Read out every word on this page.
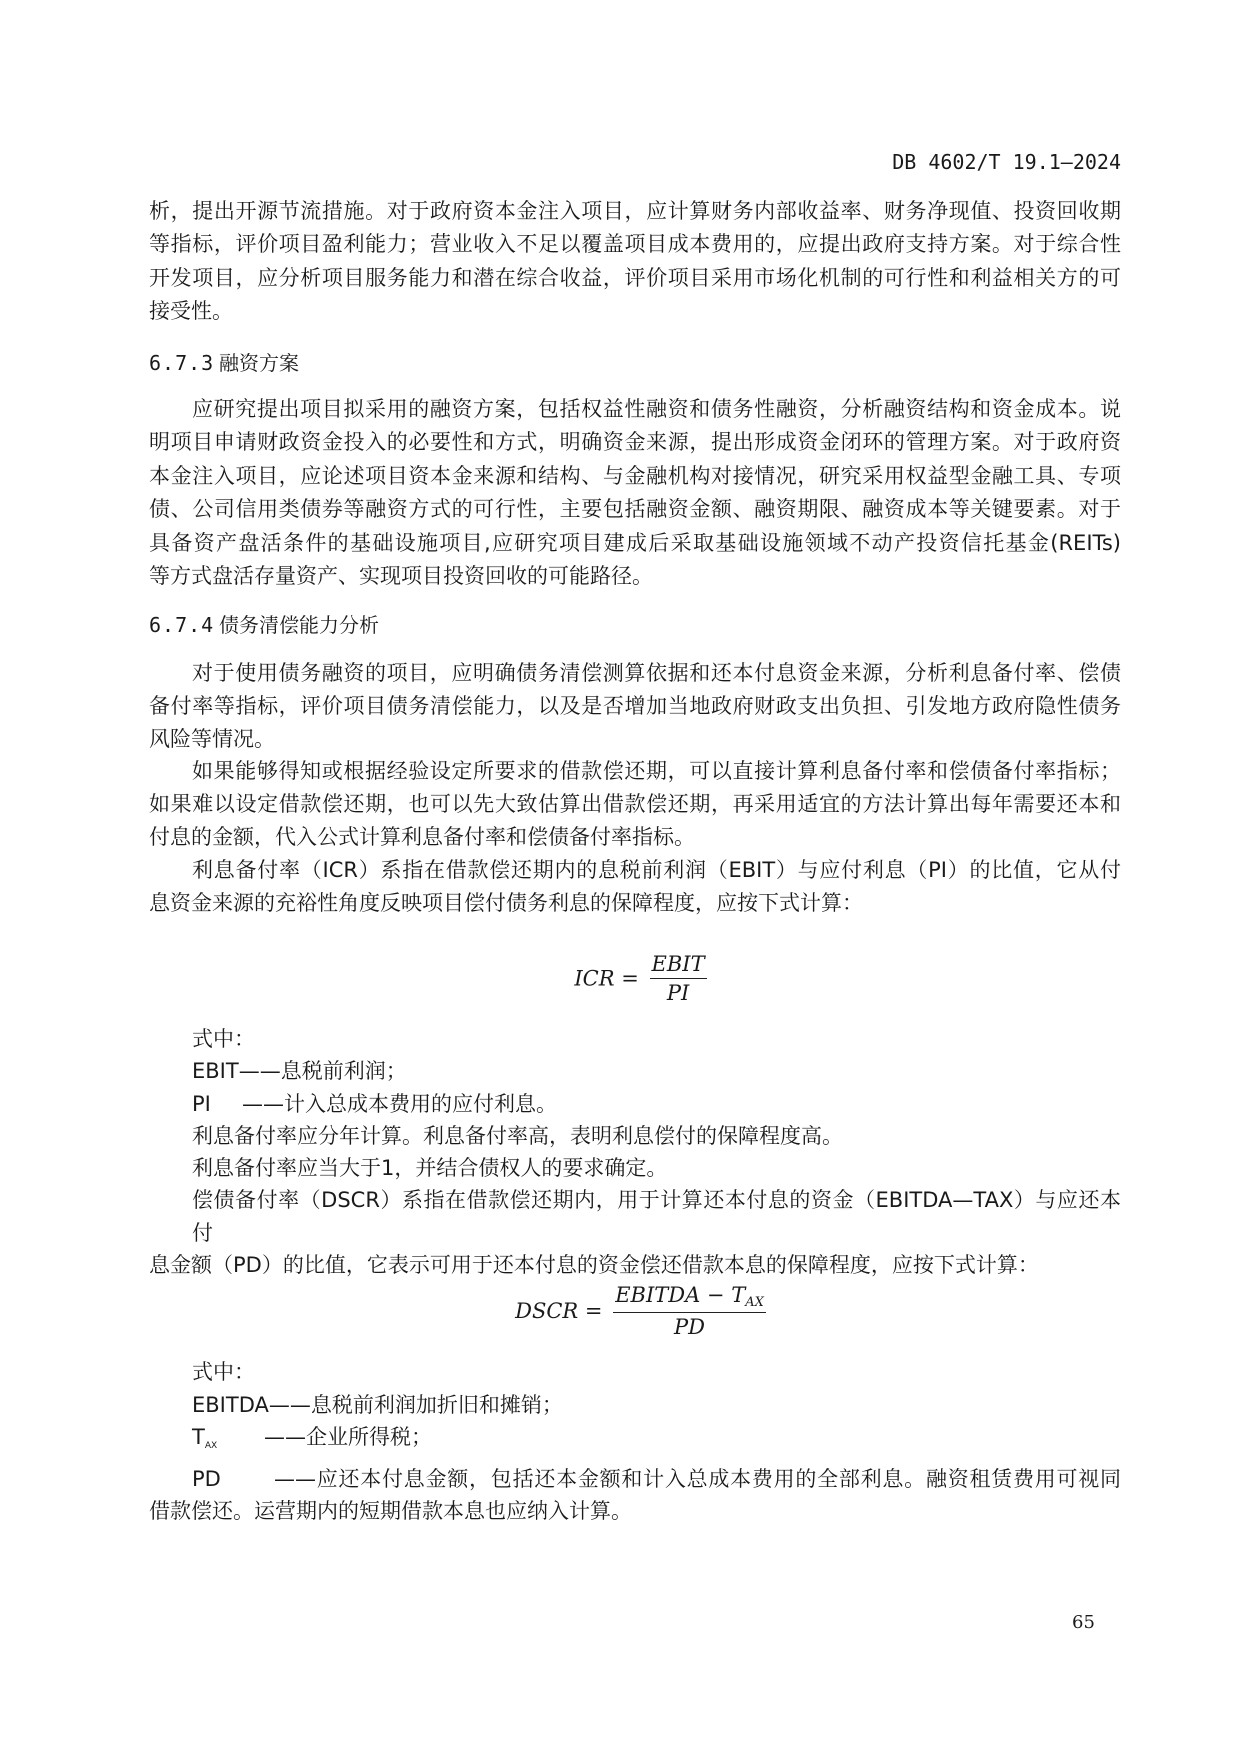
DB 4602/T 19.1—2024
析，提出开源节流措施。对于政府资本金注入项目，应计算财务内部收益率、财务净现值、投资回收期
等指标，评价项目盈利能力；营业收入不足以覆盖项目成本费用的，应提出政府支持方案。对于综合性
开发项目，应分析项目服务能力和潜在综合收益，评价项目采用市场化机制的可行性和利益相关方的可
接受性。
6.7.3 融资方案
应研究提出项目拟采用的融资方案，包括权益性融资和债务性融资，分析融资结构和资金成本。说
明项目申请财政资金投入的必要性和方式，明确资金来源，提出形成资金闭环的管理方案。对于政府资
本金注入项目，应论述项目资本金来源和结构、与金融机构对接情况，研究采用权益型金融工具、专项
债、公司信用类债券等融资方式的可行性，主要包括融资金额、融资期限、融资成本等关键要素。对于
具备资产盘活条件的基础设施项目,应研究项目建成后采取基础设施领域不动产投资信托基金(REITs)
等方式盘活存量资产、实现项目投资回收的可能路径。
6.7.4 债务清偿能力分析
对于使用债务融资的项目，应明确债务清偿测算依据和还本付息资金来源，分析利息备付率、偿债
备付率等指标，评价项目债务清偿能力，以及是否增加当地政府财政支出负担、引发地方政府隐性债务
风险等情况。
如果能够得知或根据经验设定所要求的借款偿还期，可以直接计算利息备付率和偿债备付率指标；
如果难以设定借款偿还期，也可以先大致估算出借款偿还期，再采用适宜的方法计算出每年需要还本和
付息的金额，代入公式计算利息备付率和偿债备付率指标。
利息备付率（ICR）系指在借款偿还期内的息税前利润（EBIT）与应付利息（PI）的比值，它从付
息资金来源的充裕性角度反映项目偿付债务利息的保障程度，应按下式计算：
ICR = $\frac{\text{EBIT}}{PI}$
式中：
EBIT——息税前利润；
PI ——计入总成本费用的应付利息。
利息备付率应分年计算。利息备付率高，表明利息偿付的保障程度高。
利息备付率应当大于1，并结合债权人的要求确定。
偿债备付率（DSCR）系指在借款偿还期内，用于计算还本付息的资金（EBITDA—TAX）与应还本付
息金额（PD）的比值，它表示可用于还本付息的资金偿还借款本息的保障程度，应按下式计算：
DSCR = $\frac{EBITDA - T_{AX}}{PD}$
式中：
EBITDA——息税前利润加折旧和摊销；
$T_{AX}$ ——企业所得税；
PD	——应还本付息金额，包括还本金额和计入总成本费用的全部利息。融资租赁费用可视同
借款偿还。运营期内的短期借款本息也应纳入计算。
65
